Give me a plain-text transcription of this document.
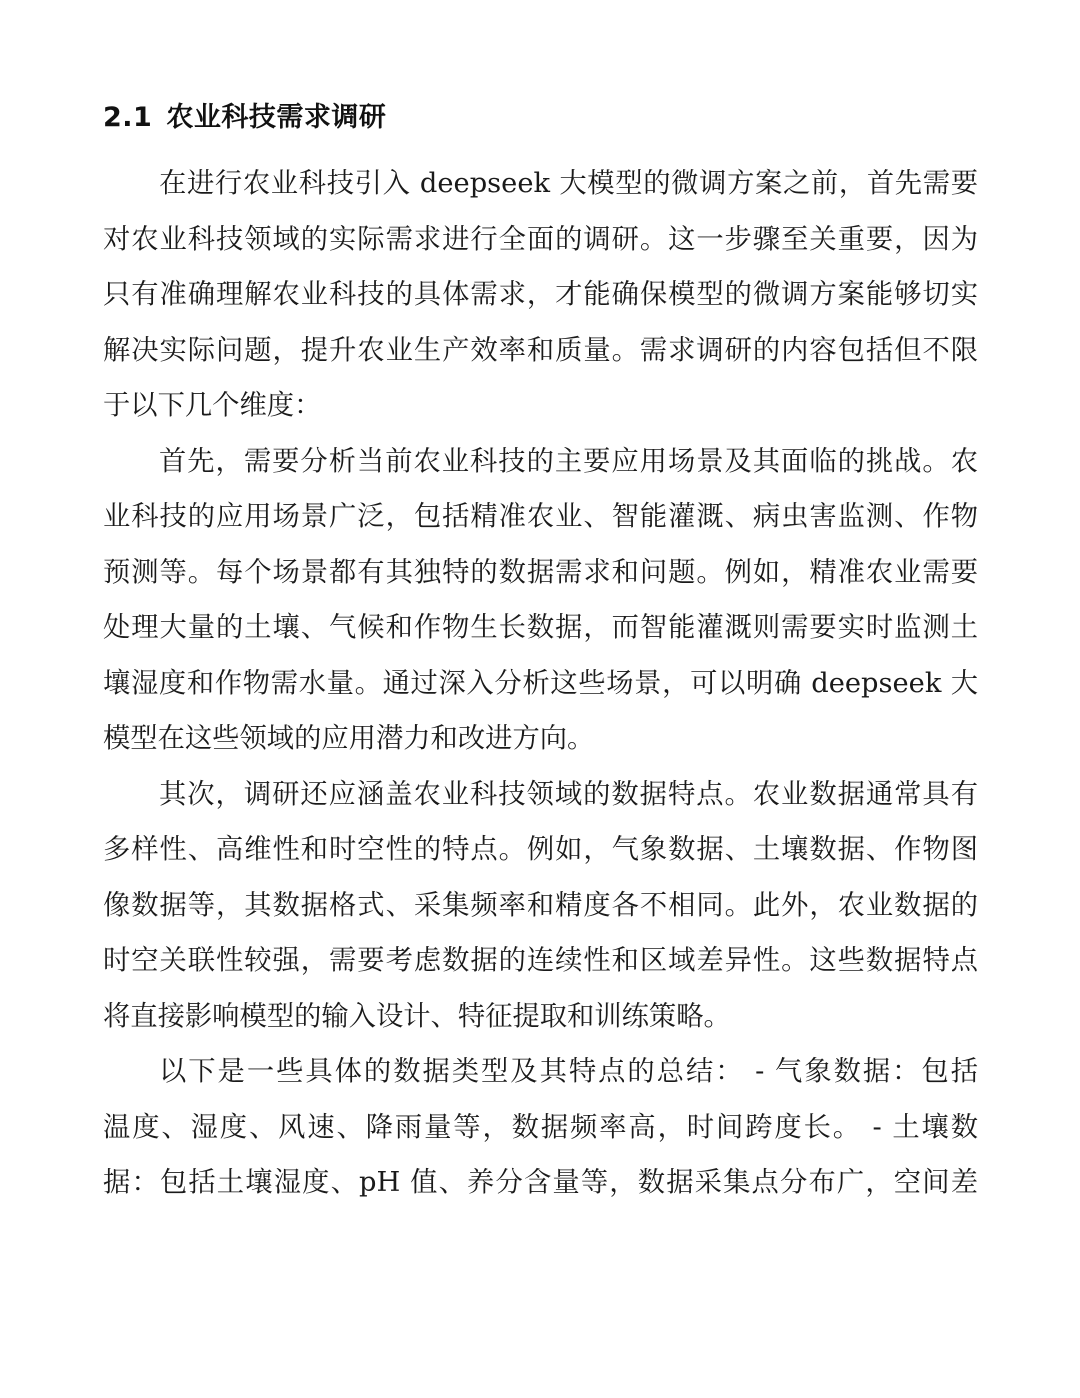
2.1 农业科技需求调研
在进行农业科技引入 deepseek 大模型的微调方案之前，首先需要
对农业科技领域的实际需求进行全面的调研。这一步骤至关重要，因为
只有准确理解农业科技的具体需求，才能确保模型的微调方案能够切实
解决实际问题，提升农业生产效率和质量。需求调研的内容包括但不限
于以下几个维度：
首先，需要分析当前农业科技的主要应用场景及其面临的挑战。农
业科技的应用场景广泛，包括精准农业、智能灌溉、病虫害监测、作物
预测等。每个场景都有其独特的数据需求和问题。例如，精准农业需要
处理大量的土壤、气候和作物生长数据，而智能灌溉则需要实时监测土
壤湿度和作物需水量。通过深入分析这些场景，可以明确 deepseek 大
模型在这些领域的应用潜力和改进方向。
其次，调研还应涵盖农业科技领域的数据特点。农业数据通常具有
多样性、高维性和时空性的特点。例如，气象数据、土壤数据、作物图
像数据等，其数据格式、采集频率和精度各不相同。此外，农业数据的
时空关联性较强，需要考虑数据的连续性和区域差异性。这些数据特点
将直接影响模型的输入设计、特征提取和训练策略。
以下是一些具体的数据类型及其特点的总结： - 气象数据：包括
温度、湿度、风速、降雨量等，数据频率高，时间跨度长。 - 土壤数
据：包括土壤湿度、pH 值、养分含量等，数据采集点分布广，空间差
